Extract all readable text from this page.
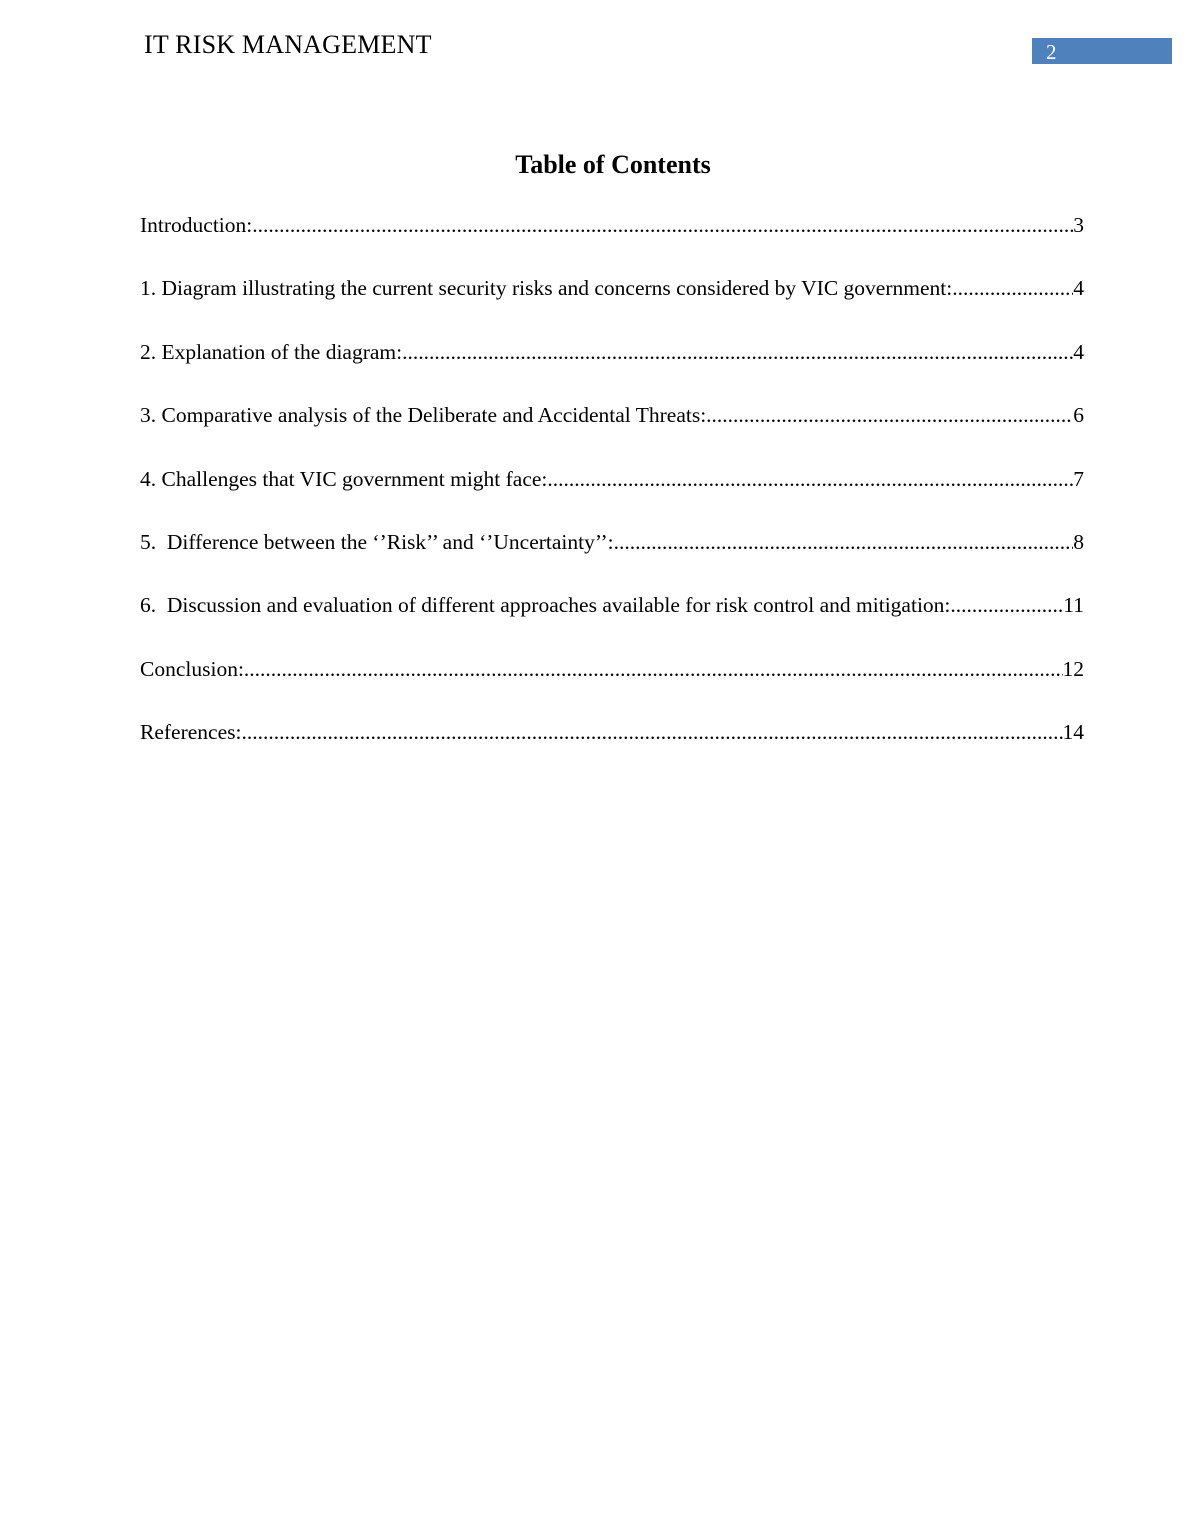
IT RISK MANAGEMENT	2
Table of Contents
Introduction: .....	3
1. Diagram illustrating the current security risks and concerns considered by VIC government: .....	4
2. Explanation of the diagram: .....	4
3. Comparative analysis of the Deliberate and Accidental Threats: .....	6
4. Challenges that VIC government might face: .....	7
5.  Difference between the ‘’Risk’’ and ‘’Uncertainty’’: .....	8
6.  Discussion and evaluation of different approaches available for risk control and mitigation: .....	11
Conclusion: .....	12
References: .....	14
